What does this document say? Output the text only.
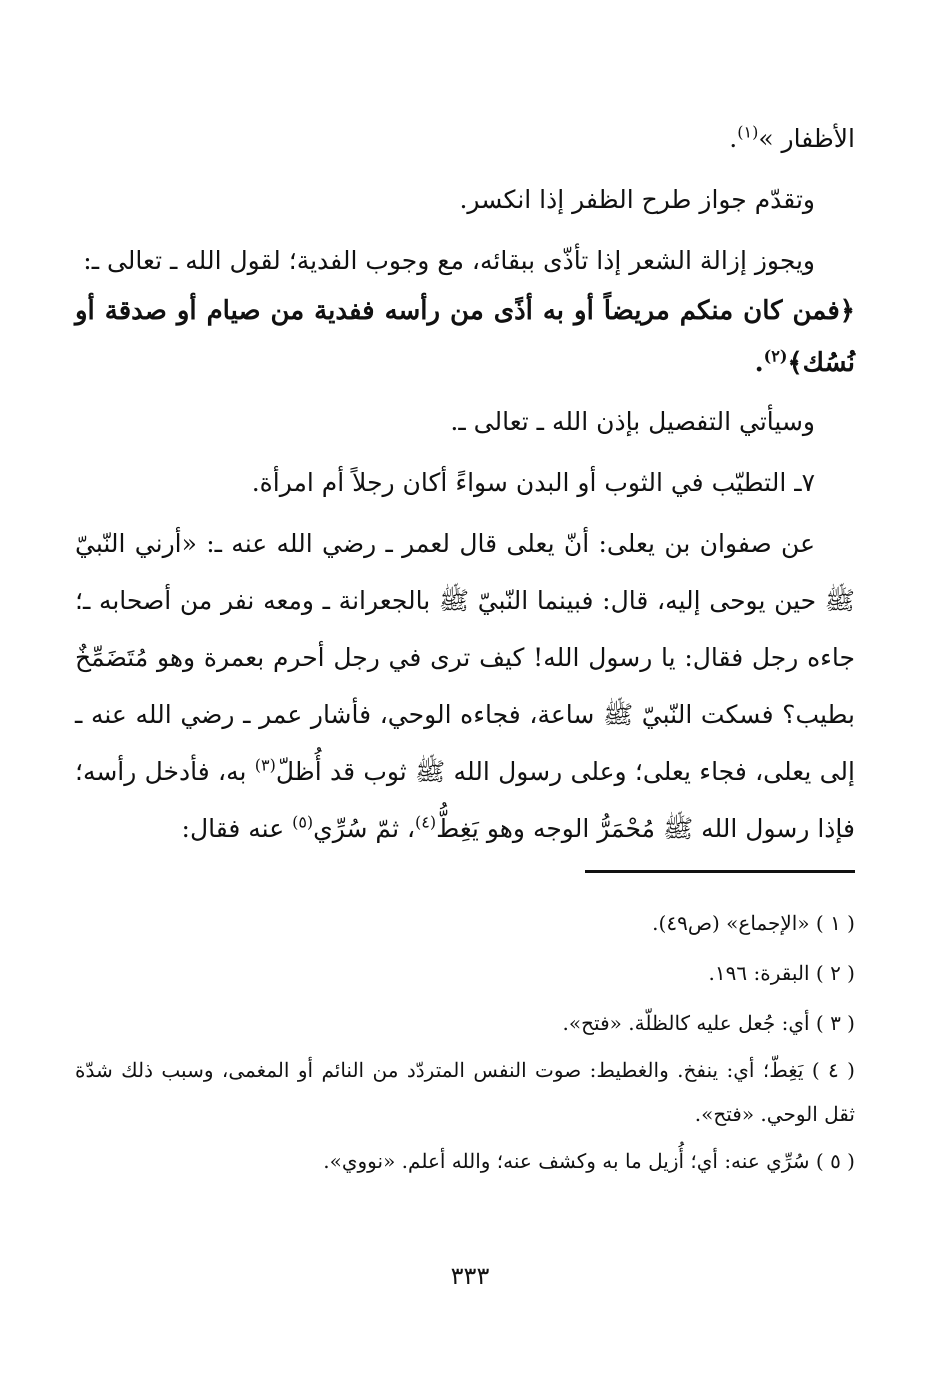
الأظفار »$^{(١)}$.

وتقدّم جواز طرح الظفر إذا انكسر.

ويجوز إزالة الشعر إذا تأذّى ببقائه، مع وجوب الفدية؛ لقول الله ـ تعالى ـ:

﴿فمن كان منكم مريضاً أو به أذًى من رأسه ففدية من صيام أو صدقة أو نُسُك﴾$^{(٢)}$.

وسيأتي التفصيل بإذن الله ـ تعالى ـ.

٧ـ التطيّب في الثوب أو البدن سواءً أكان رجلاً أم امرأة.

عن صفوان بن يعلى: أنّ يعلى قال لعمر ـ رضي الله عنه ـ: «أرني النّبيّ ﷺ حين يوحى إليه، قال: فبينما النّبيّ ﷺ بالجعرانة ـ ومعه نفر من أصحابه ـ؛ جاءه رجل فقال: يا رسول الله! كيف ترى في رجل أحرم بعمرة وهو مُتَضَمِّخٌ بطيب؟ فسكت النّبيّ ﷺ ساعة، فجاءه الوحي، فأشار عمر ـ رضي الله عنه ـ إلى يعلى، فجاء يعلى؛ وعلى رسول الله ﷺ ثوب قد أُظلّ$^{(٣)}$ به، فأدخل رأسه؛ فإذا رسول الله ﷺ مُحْمَرُّ الوجه وهو يَغِطُّ$^{(٤)}$، ثمّ سُرِّي$^{(٥)}$ عنه فقال:

( ١ ) «الإجماع» (ص٤٩).

( ٢ ) البقرة: ١٩٦.

( ٣ ) أي: جُعل عليه كالظلّة. «فتح».

( ٤ ) يَغِطّ؛ أي: ينفخ. والغطيط: صوت النفس المتردّد من النائم أو المغمى، وسبب ذلك شدّة ثقل الوحي. «فتح».

( ٥ ) سُرِّي عنه: أي؛ أُزيل ما به وكشف عنه؛ والله أعلم. «نووي».

٣٣٣
